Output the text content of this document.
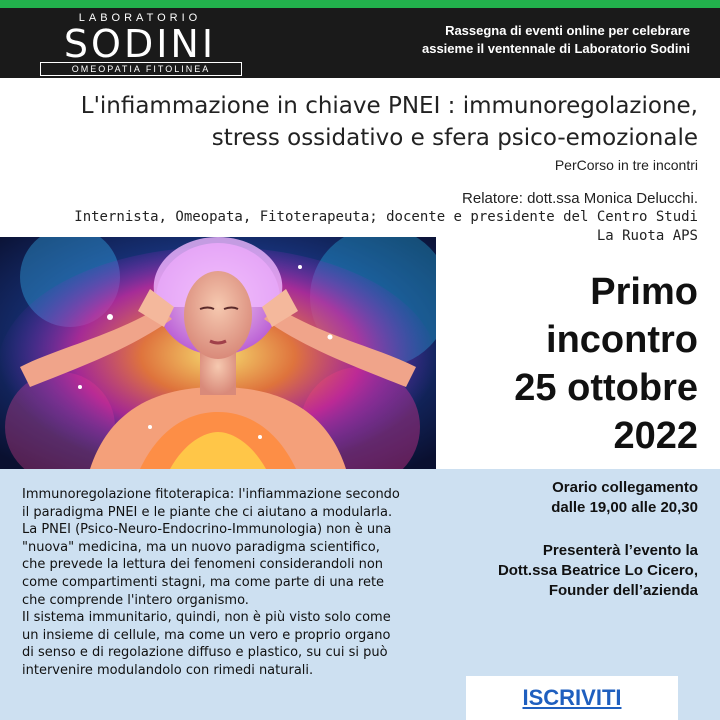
LABORATORIO
SODINI
OMEOPATIA FITOLINEA
Rassegna di eventi online per celebrare
assieme il ventennale di Laboratorio Sodini
L'infiammazione in chiave PNEI : immunoregolazione,
stress ossidativo e sfera psico-emozionale
PerCorso in tre incontri
Relatore: dott.ssa Monica Delucchi.
Internista, Omeopata, Fitoterapeuta; docente e presidente del Centro Studi
La Ruota APS
Primo
incontro
25 ottobre
2022

Immunoregolazione fitoterapica: l'infiammazione secondo il paradigma PNEI e le piante che ci aiutano a modularla. La PNEI (Psico-Neuro-Endocrino-Immunologia) non è una "nuova" medicina, ma un nuovo paradigma scientifico, che prevede la lettura dei fenomeni considerandoli non come compartimenti stagni, ma come parte di una rete che comprende l'intero organismo.

Il sistema immunitario, quindi, non è più visto solo come un insieme di cellule, ma come un vero e proprio organo di senso e di regolazione diffuso e plastico, su cui si può intervenire modulandolo con rimedi naturali.

Orario collegamento
dalle 19,00 alle 20,30
Presenterà l’evento la
Dott.ssa Beatrice Lo Cicero,
Founder dell’azienda
ISCRIVITI
